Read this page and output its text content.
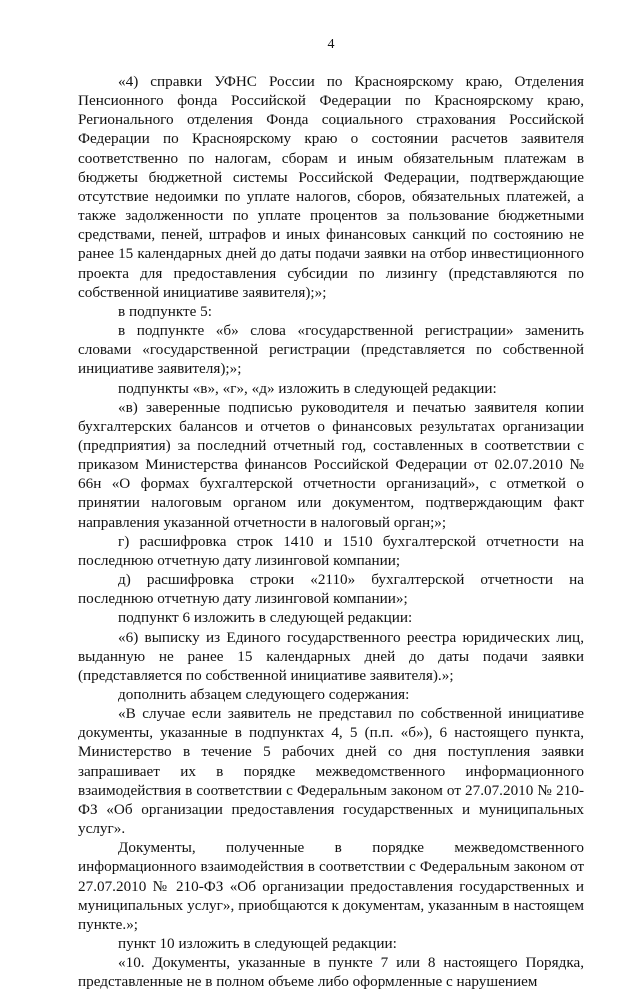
4

«4) справки УФНС России по Красноярскому краю, Отделения Пенсионного фонда Российской Федерации по Красноярскому краю, Регионального отделения Фонда социального страхования Российской Федерации по Красноярскому краю о состоянии расчетов заявителя соответственно по налогам, сборам и иным обязательным платежам в бюджеты бюджетной системы Российской Федерации, подтверждающие отсутствие недоимки по уплате налогов, сборов, обязательных платежей, а также задолженности по уплате процентов за пользование бюджетными средствами, пеней, штрафов и иных финансовых санкций по состоянию не ранее 15 календарных дней до даты подачи заявки на отбор инвестиционного проекта для предоставления субсидии по лизингу (представляются по собственной инициативе заявителя);»;

в подпункте 5:

в подпункте «б» слова «государственной регистрации» заменить словами «государственной регистрации (представляется по собственной инициативе заявителя);»;

подпункты «в», «г», «д» изложить в следующей редакции:

«в) заверенные подписью руководителя и печатью заявителя копии бухгалтерских балансов и отчетов о финансовых результатах организации (предприятия) за последний отчетный год, составленных в соответствии с приказом Министерства финансов Российской Федерации от 02.07.2010 № 66н «О формах бухгалтерской отчетности организаций», с отметкой о принятии налоговым органом или документом, подтверждающим факт направления указанной отчетности в налоговый орган;»;

г) расшифровка строк 1410 и 1510 бухгалтерской отчетности на последнюю отчетную дату лизинговой компании;

д) расшифровка строки «2110» бухгалтерской отчетности на последнюю отчетную дату лизинговой компании»;

подпункт 6 изложить в следующей редакции:

«6) выписку из Единого государственного реестра юридических лиц, выданную не ранее 15 календарных дней до даты подачи заявки (представляется по собственной инициативе заявителя).»;

дополнить абзацем следующего содержания:

«В случае если заявитель не представил по собственной инициативе документы, указанные в подпунктах 4, 5 (п.п. «б»), 6 настоящего пункта, Министерство в течение 5 рабочих дней со дня поступления заявки запрашивает их в порядке межведомственного информационного взаимодействия в соответствии с Федеральным законом от 27.07.2010 № 210-ФЗ «Об организации предоставления государственных и муниципальных услуг».

Документы, полученные в порядке межведомственного информационного взаимодействия в соответствии с Федеральным законом от 27.07.2010 № 210-ФЗ «Об организации предоставления государственных и муниципальных услуг», приобщаются к документам, указанным в настоящем пункте.»;

пункт 10 изложить в следующей редакции:

«10. Документы, указанные в пункте 7 или 8 настоящего Порядка, представленные не в полном объеме либо оформленные с нарушением
